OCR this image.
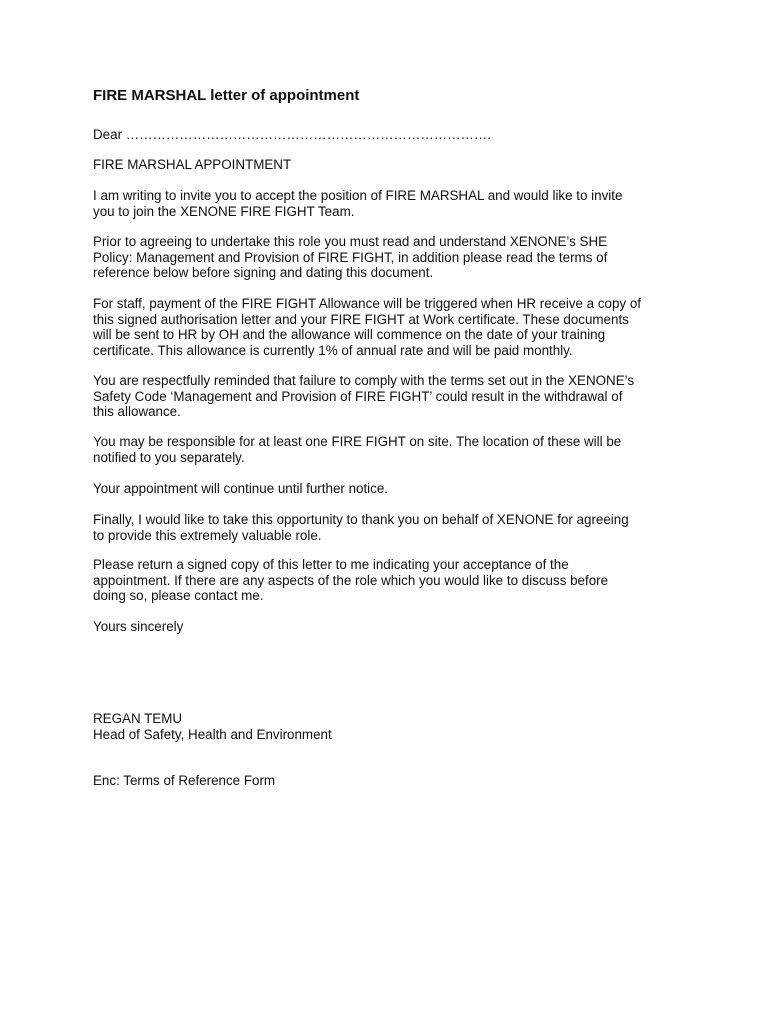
FIRE MARSHAL letter of appointment
Dear ……………………………………………………………………….
FIRE MARSHAL APPOINTMENT
I am writing to invite you to accept the position of FIRE MARSHAL and would like to invite
you to join the XENONE FIRE FIGHT Team.
Prior to agreeing to undertake this role you must read and understand XENONE’s SHE
Policy: Management and Provision of FIRE FIGHT, in addition please read the terms of
reference below before signing and dating this document.
For staff, payment of the FIRE FIGHT Allowance will be triggered when HR receive a copy of
this signed authorisation letter and your FIRE FIGHT at Work certificate. These documents
will be sent to HR by OH and the allowance will commence on the date of your training
certificate. This allowance is currently 1% of annual rate and will be paid monthly.
You are respectfully reminded that failure to comply with the terms set out in the XENONE’s
Safety Code ‘Management and Provision of FIRE FIGHT’ could result in the withdrawal of
this allowance.
You may be responsible for at least one FIRE FIGHT on site. The location of these will be
notified to you separately.
Your appointment will continue until further notice.
Finally, I would like to take this opportunity to thank you on behalf of XENONE for agreeing
to provide this extremely valuable role.
Please return a signed copy of this letter to me indicating your acceptance of the
appointment. If there are any aspects of the role which you would like to discuss before
doing so, please contact me.
Yours sincerely
REGAN TEMU
Head of Safety, Health and Environment
Enc: Terms of Reference Form
